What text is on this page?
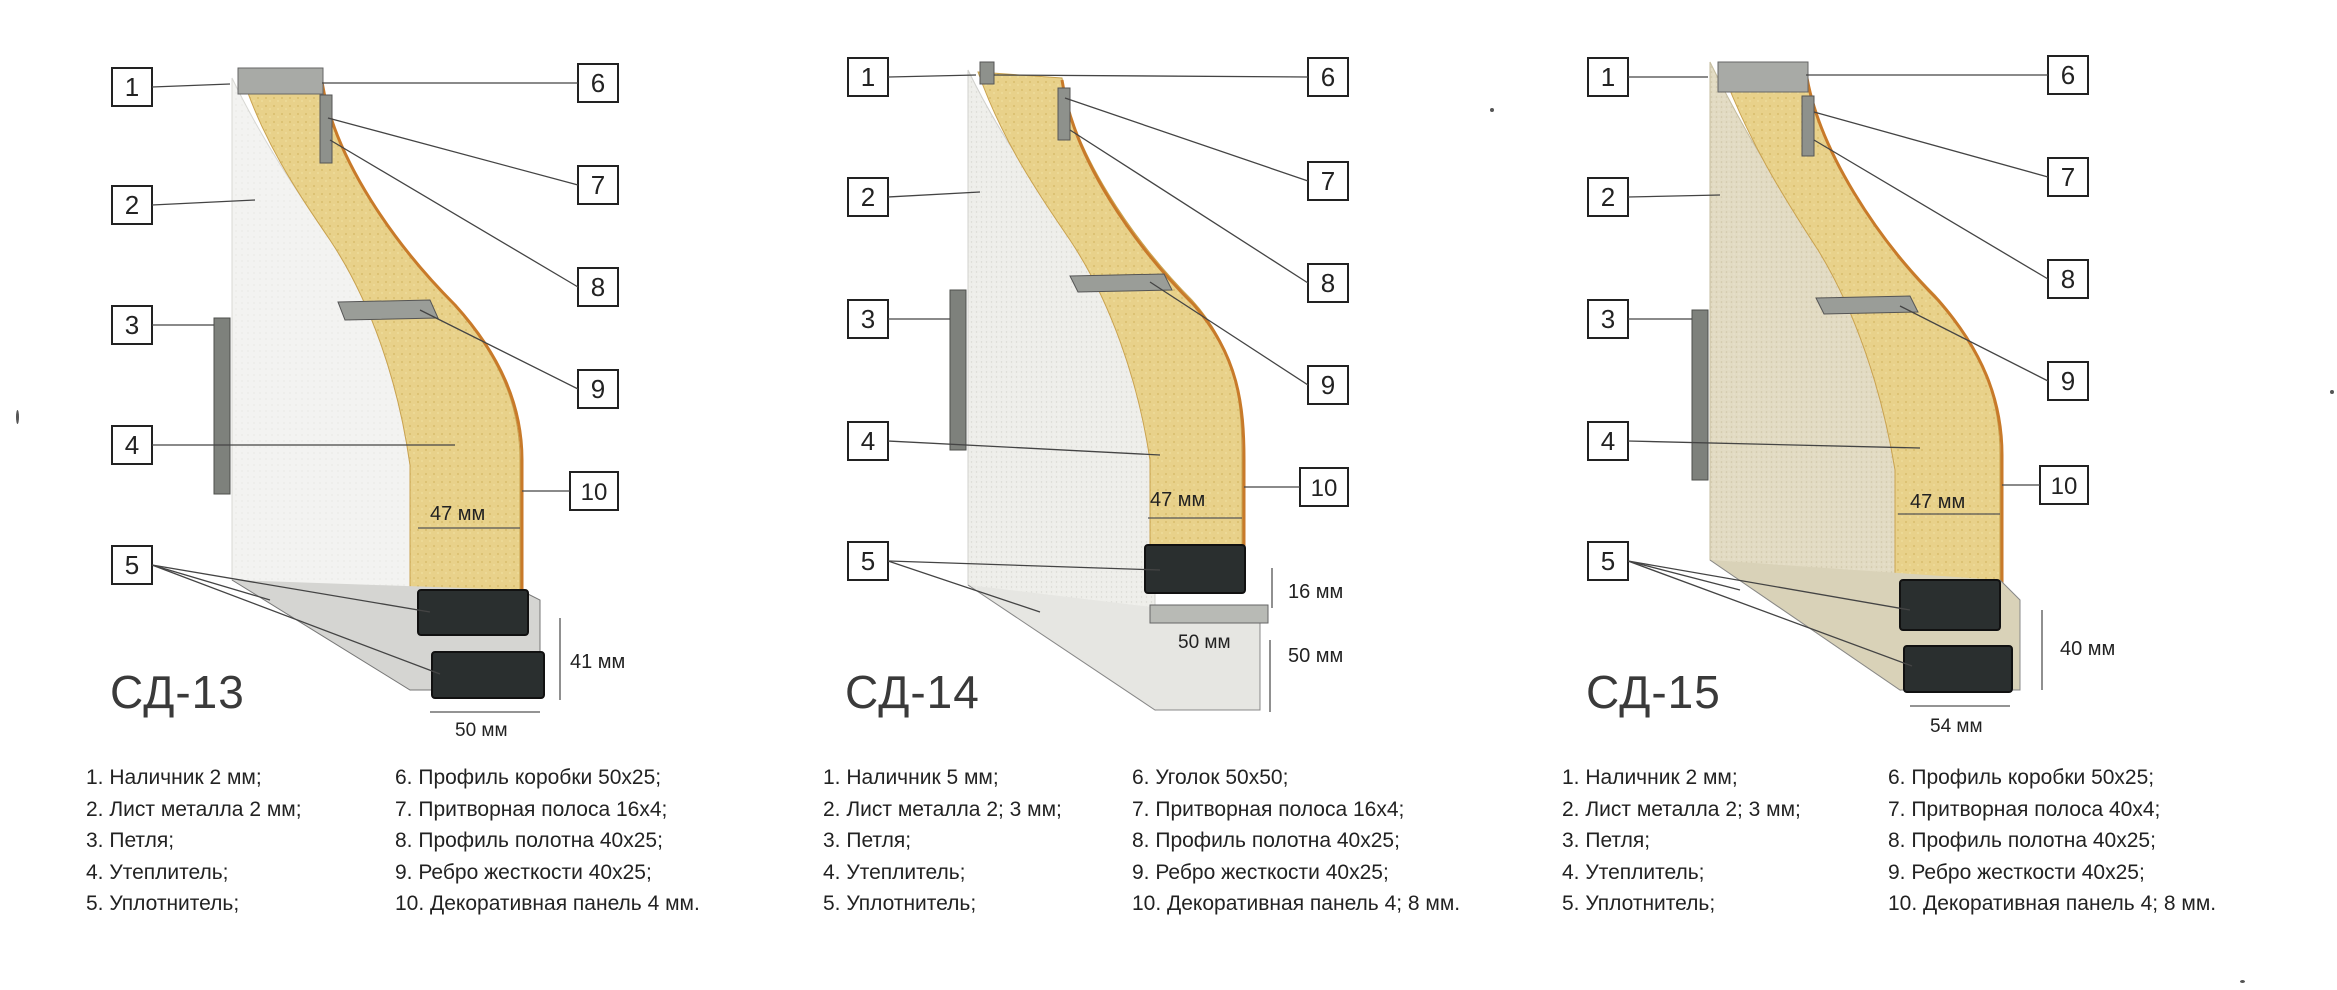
1
2
3
4
5
6
7
8
9
10
47 мм
41 мм
50 мм
СД-13
1. Наличник 2 мм;
2. Лист металла 2 мм;
3. Петля;
4. Утеплитель;
5. Уплотнитель;
6. Профиль коробки 50х25;
7. Притворная полоса 16х4;
8. Профиль полотна 40х25;
9. Ребро жесткости 40х25;
10. Декоративная панель 4 мм.
1
2
3
4
5
6
7
8
9
10
47 мм
16 мм
50 мм
50 мм
СД-14
1. Наличник 5 мм;
2. Лист металла 2; 3 мм;
3. Петля;
4. Утеплитель;
5. Уплотнитель;
6. Уголок 50х50;
7. Притворная полоса 16х4;
8. Профиль полотна 40х25;
9. Ребро жесткости 40х25;
10. Декоративная панель 4; 8 мм.
1
2
3
4
5
6
7
8
9
10
47 мм
40 мм
54 мм
СД-15
1. Наличник 2 мм;
2. Лист металла 2; 3 мм;
3. Петля;
4. Утеплитель;
5. Уплотнитель;
6. Профиль коробки 50х25;
7. Притворная полоса 40х4;
8. Профиль полотна 40х25;
9. Ребро жесткости 40х25;
10. Декоративная панель 4; 8 мм.
